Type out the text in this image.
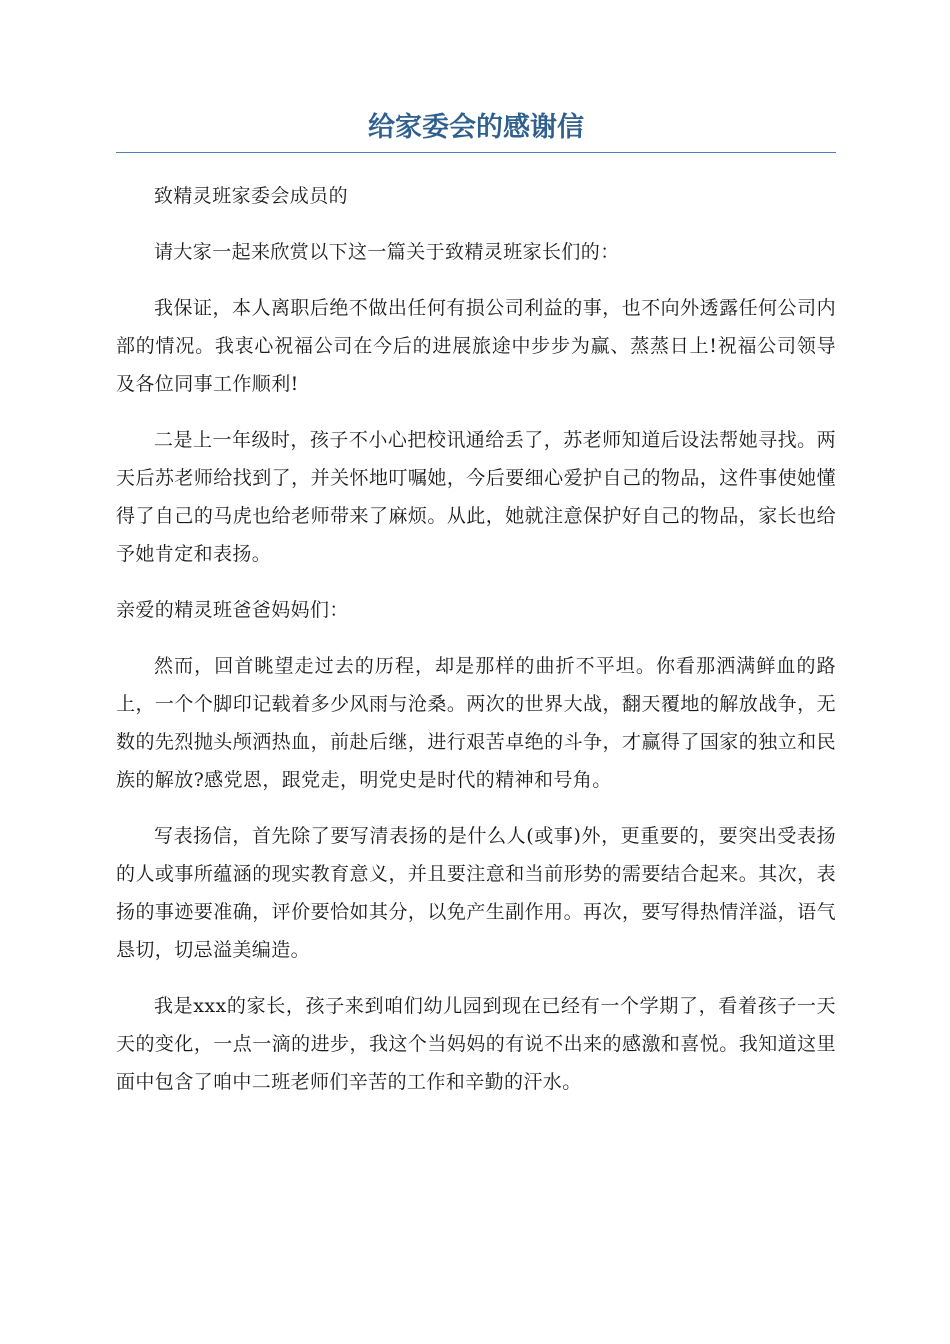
给家委会的感谢信

致精灵班家委会成员的

请大家一起来欣赏以下这一篇关于致精灵班家长们的：

我保证，本人离职后绝不做出任何有损公司利益的事，也不向外透露任何公司内部的情况。我衷心祝福公司在今后的进展旅途中步步为赢、蒸蒸日上!祝福公司领导及各位同事工作顺利!

二是上一年级时，孩子不小心把校讯通给丢了，苏老师知道后设法帮她寻找。两天后苏老师给找到了，并关怀地叮嘱她，今后要细心爱护自己的物品，这件事使她懂得了自己的马虎也给老师带来了麻烦。从此，她就注意保护好自己的物品，家长也给予她肯定和表扬。

亲爱的精灵班爸爸妈妈们：

然而，回首眺望走过去的历程，却是那样的曲折不平坦。你看那洒满鲜血的路上，一个个脚印记载着多少风雨与沧桑。两次的世界大战，翻天覆地的解放战争，无数的先烈抛头颅洒热血，前赴后继，进行艰苦卓绝的斗争，才赢得了国家的独立和民族的解放?感党恩，跟党走，明党史是时代的精神和号角。

写表扬信，首先除了要写清表扬的是什么人(或事)外，更重要的，要突出受表扬的人或事所蕴涵的现实教育意义，并且要注意和当前形势的需要结合起来。其次，表扬的事迹要准确，评价要恰如其分，以免产生副作用。再次，要写得热情洋溢，语气恳切，切忌溢美编造。

我是xxx的家长，孩子来到咱们幼儿园到现在已经有一个学期了，看着孩子一天天的变化，一点一滴的进步，我这个当妈妈的有说不出来的感激和喜悦。我知道这里面中包含了咱中二班老师们辛苦的工作和辛勤的汗水。
